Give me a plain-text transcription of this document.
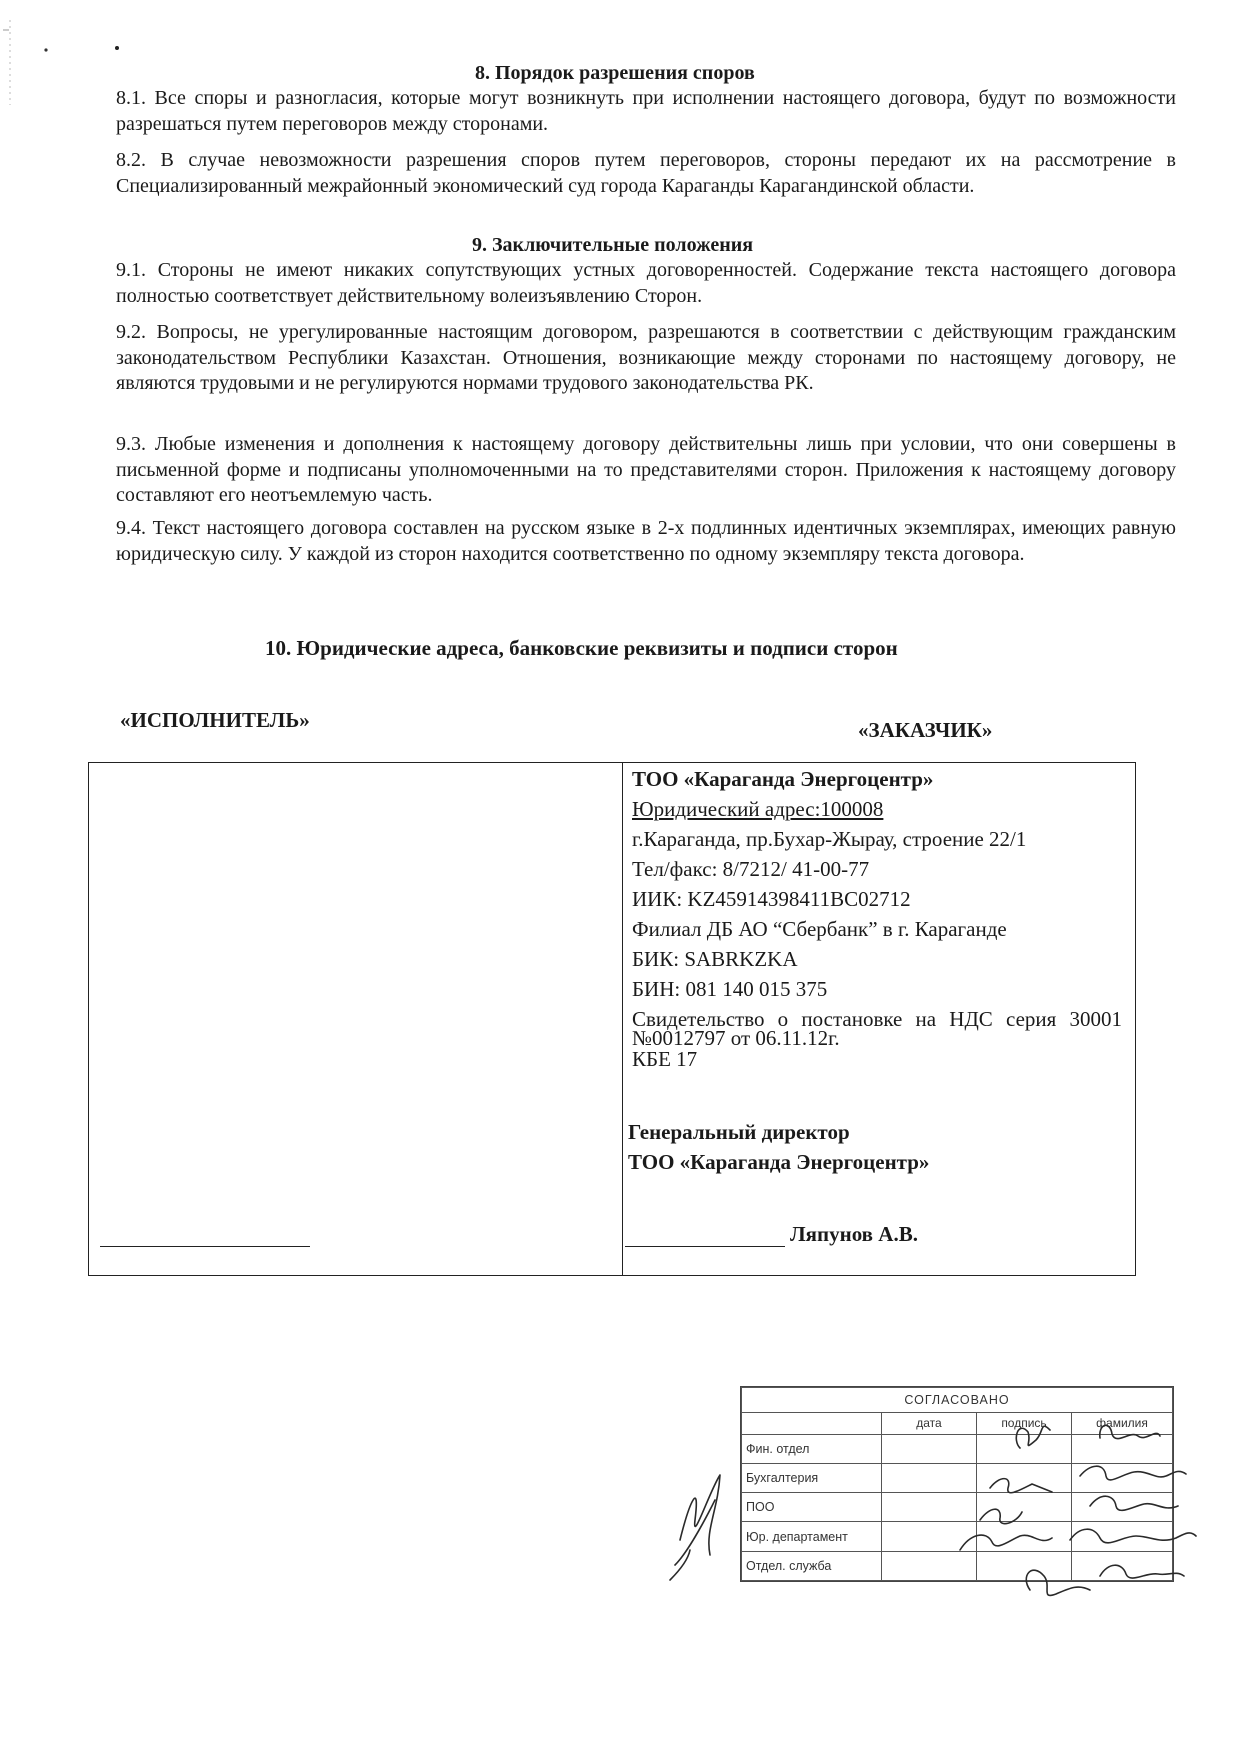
8. Порядок разрешения споров
8.1. Все споры и разногласия, которые могут возникнуть при исполнении настоящего договора, будут по возможности разрешаться путем переговоров между сторонами.
8.2. В случае невозможности разрешения споров путем переговоров, стороны передают их на рассмотрение в Специализированный межрайонный экономический суд города Караганды Карагандинской области.
9. Заключительные положения
9.1. Стороны не имеют никаких сопутствующих устных договоренностей. Содержание текста настоящего договора полностью соответствует действительному волеизъявлению Сторон.
9.2. Вопросы, не урегулированные настоящим договором, разрешаются в соответствии с действующим гражданским законодательством Республики Казахстан. Отношения, возникающие между сторонами по настоящему договору, не являются трудовыми и не регулируются нормами трудового законодательства РК.
9.3. Любые изменения и дополнения к настоящему договору действительны лишь при условии, что они совершены в письменной форме и подписаны уполномоченными на то представителями сторон. Приложения к настоящему договору составляют его неотъемлемую часть.
9.4. Текст настоящего договора составлен на русском языке в 2-х подлинных идентичных экземплярах, имеющих равную юридическую силу. У каждой из сторон находится соответственно по одному экземпляру текста договора.
10. Юридические адреса, банковские реквизиты и подписи сторон
«ИСПОЛНИТЕЛЬ»	«ЗАКАЗЧИК»
ТОО «Караганда Энергоцентр»
Юридический адрес:100008
г.Караганда, пр.Бухар-Жырау, строение 22/1
Тел/факс: 8/7212/ 41-00-77
ИИК: KZ45914398411BC02712
Филиал ДБ АО “Сбербанк” в г. Караганде
БИК: SABRKZKA
БИН: 081 140 015 375
Свидетельство о постановке на НДС серия 30001 №0012797 от 06.11.12г.
КБЕ 17
Генеральный директор
ТОО «Караганда Энергоцентр»
Ляпунов А.В.
СОГЛАСОВАНО			
	дата	подпись	фамилия
Фин. отдел			
Бухгалтерия			
ПОО			
Юр. департамент			
Отдел. служба			
